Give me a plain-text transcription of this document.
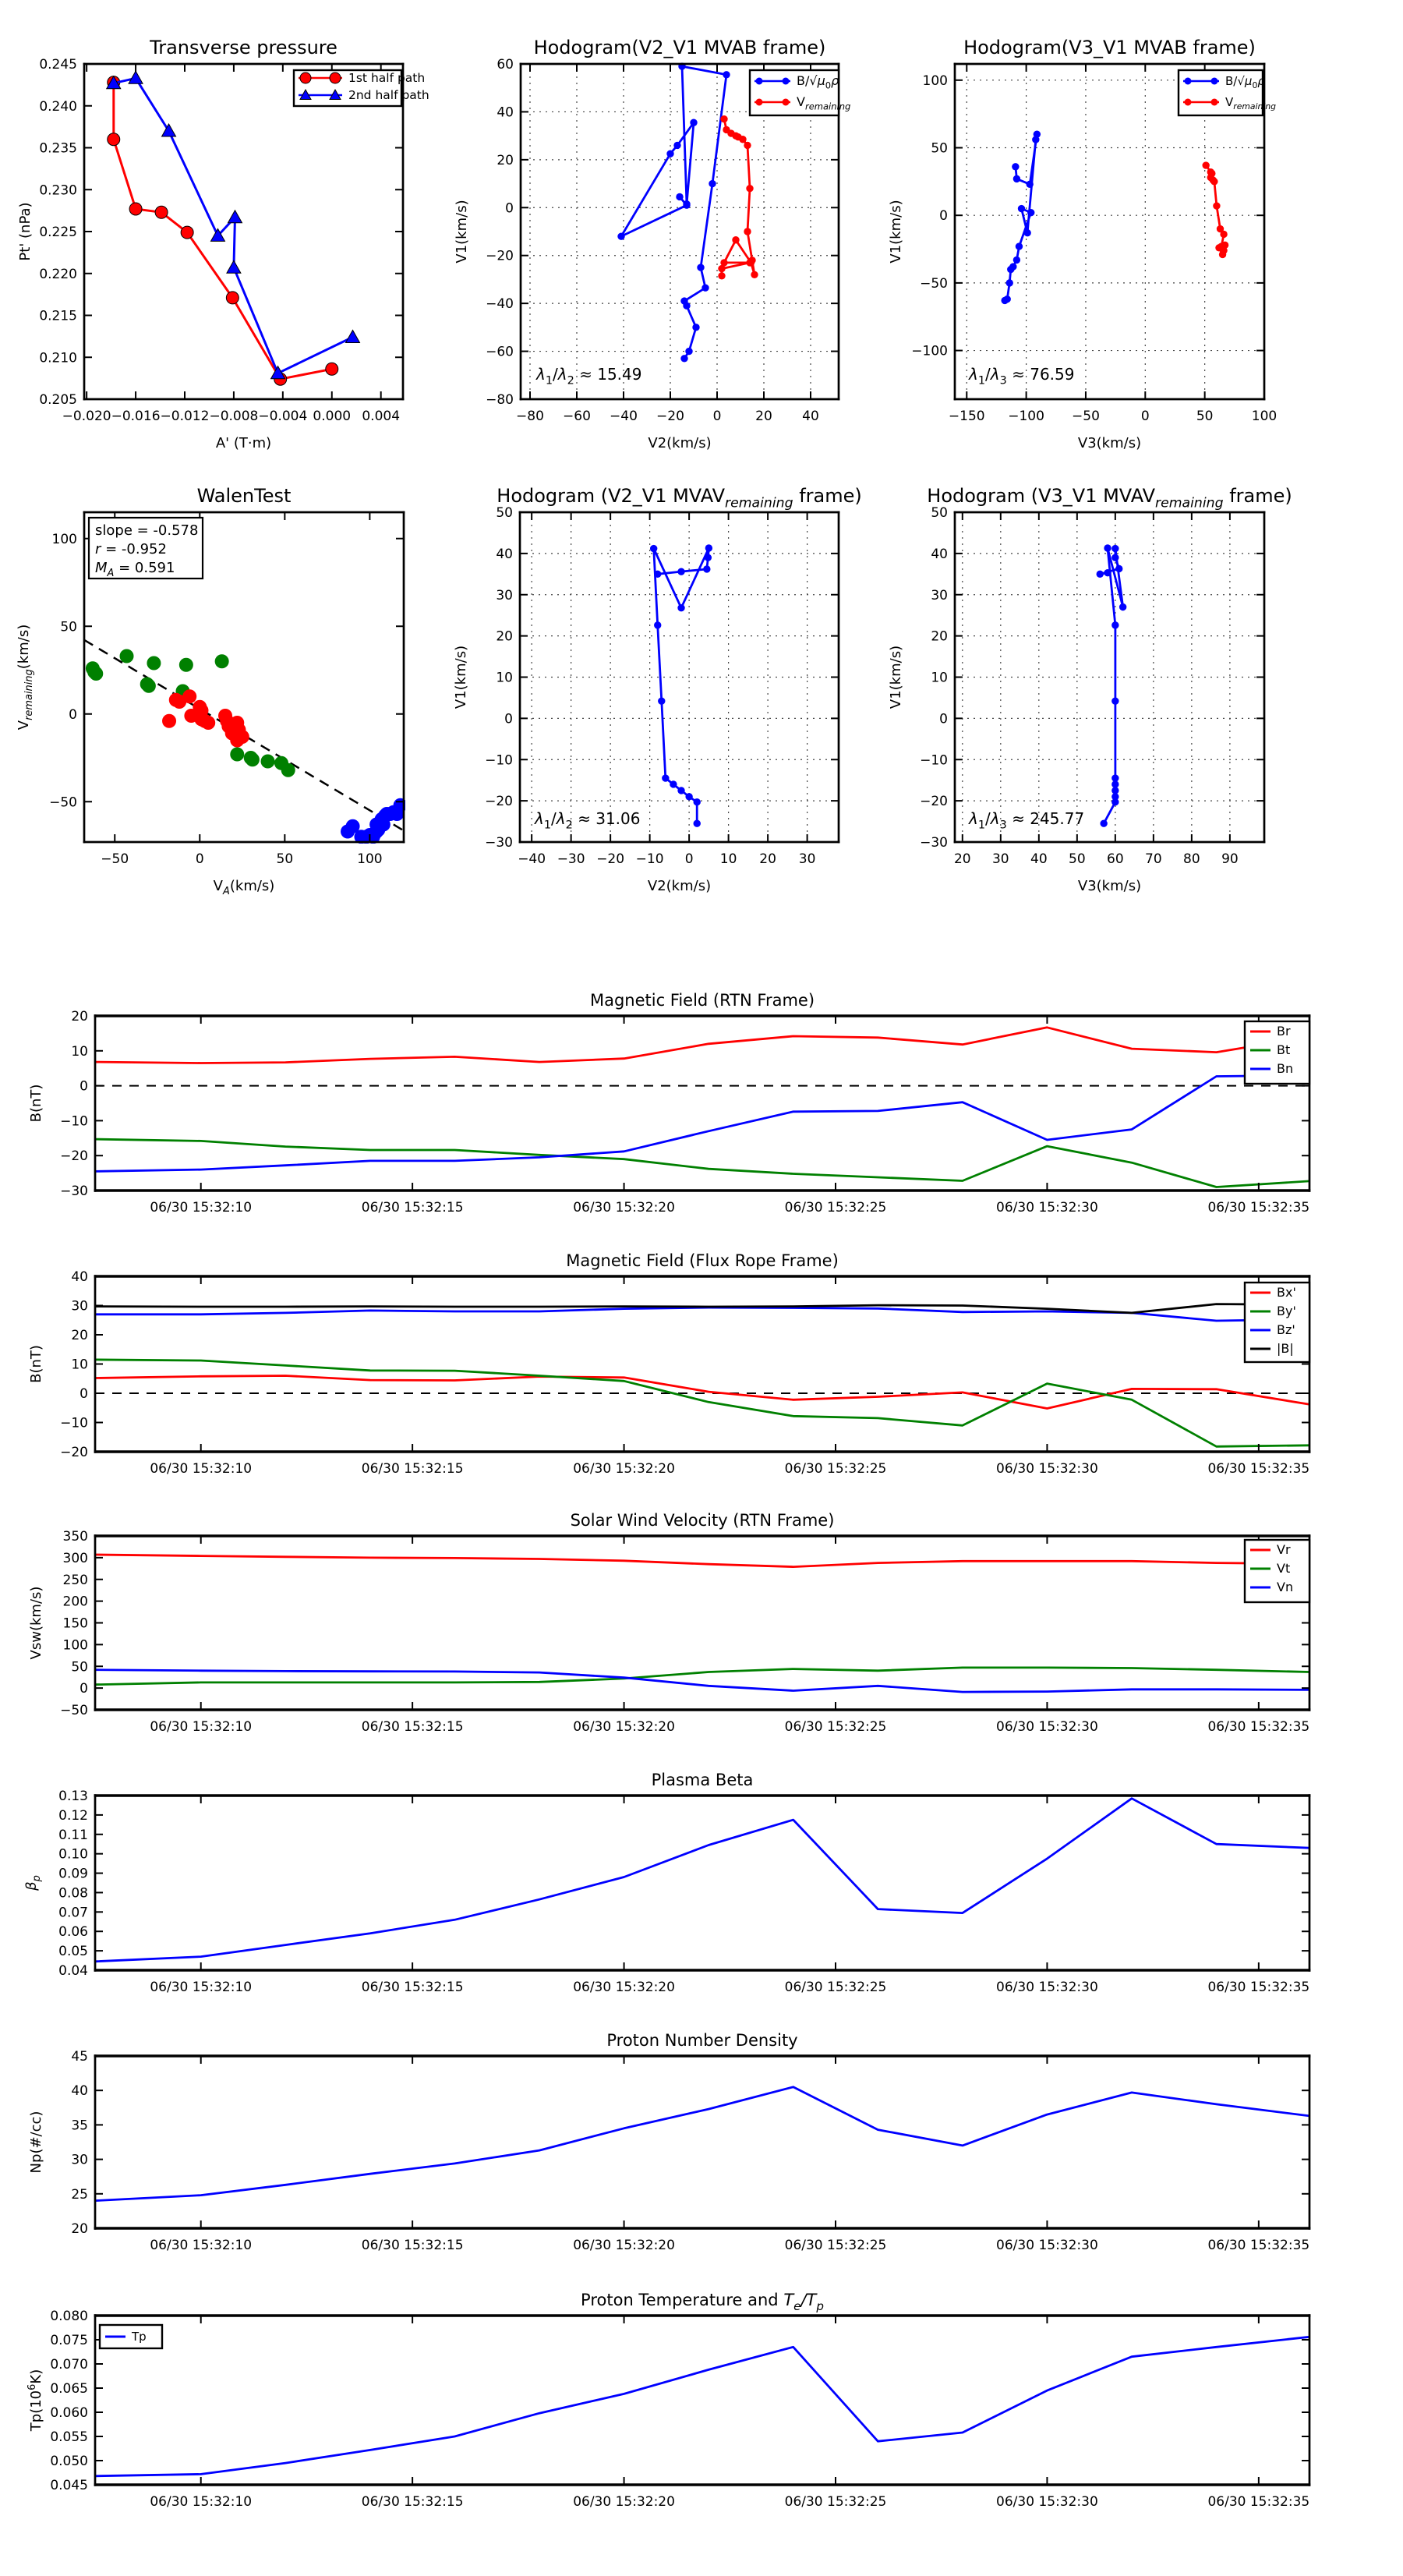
−0.020 −0.016 −0.012 −0.008 −0.004 0.000 0.004
0.205
0.210
0.215
0.220
0.225
0.230
0.235
0.240
0.245
Transverse pressure
A' (T·m)
Pt' (nPa)
1st half path
2nd half path
−80 −60 −40 −20 0	20 40
−80
−60
−40
−20
0
20
40
60
Hodogram(V2_V1 MVAB frame)
V2(km/s)
V1(km/s)
$\lambda_1/\lambda_2 \approx 15.49$
$B/√\mu_0\rho$
$V_{remaining}$
−150 −100 −50	0	50	100
−100
−50
0
50
100
Hodogram(V3_V1 MVAB frame)
V3(km/s)
V1(km/s)
$\lambda_1/\lambda_3 \approx 76.59$
$B/√\mu_0\rho$
$V_{remaining}$
−50	0	50	100
−50
0
50
100
WalenTest
$V_A(km/s)$
$V_{remaining}(km/s)$
slope = -0.578
r = -0.952
$M_A = 0.591$
−40 −30 −20 −10 0 10 20 30
−30
−20
−10
0
10
20
30
40
50
Hodogram (V2_V1 $MVAV_{remaining}$ frame)
V2(km/s)
V1(km/s)
$\lambda_1/\lambda_2 \approx 31.06$
20 30 40 50 60 70 80 90
−30
−20
−10
0
10
20
30
40
50
Hodogram (V3_V1 $MVAV_{remaining}$ frame)
V3(km/s)
V1(km/s)
$\lambda_1/\lambda_3 \approx 245.77$
06/30 15:32:10	06/30 15:32:15	06/30 15:32:20	06/30 15:32:25	06/30 15:32:30	06/30 15:32:35
−30
−20
−10
0
10
20
Magnetic Field (RTN Frame)
B(nT)
Br
Bt
Bn
06/30 15:32:10	06/30 15:32:15	06/30 15:32:20	06/30 15:32:25	06/30 15:32:30	06/30 15:32:35
−20
−10
0
10
20
30
40
Magnetic Field (Flux Rope Frame)
B(nT)
Bx'
By'
Bz'
|B|
06/30 15:32:10	06/30 15:32:15	06/30 15:32:20	06/30 15:32:25	06/30 15:32:30	06/30 15:32:35
−50
0
50
100
150
200
250
300
350
Solar Wind Velocity (RTN Frame)
Vsw(km/s)
Vr
Vt
Vn
06/30 15:32:10	06/30 15:32:15	06/30 15:32:20	06/30 15:32:25	06/30 15:32:30	06/30 15:32:35
0.04
0.05
0.06
0.07
0.08
0.09
0.10
0.11
0.12
0.13
Plasma Beta
$\beta_p$
06/30 15:32:10	06/30 15:32:15	06/30 15:32:20	06/30 15:32:25	06/30 15:32:30	06/30 15:32:35
20
25
30
35
40
45
Proton Number Density
Np(#/cc)
06/30 15:32:10	06/30 15:32:15	06/30 15:32:20	06/30 15:32:25	06/30 15:32:30	06/30 15:32:35
0.045
0.050
0.055
0.060
0.065
0.070
0.075
0.080
Proton Temperature and $T_e/T_p$
$Tp(10^6K)$
Tp
